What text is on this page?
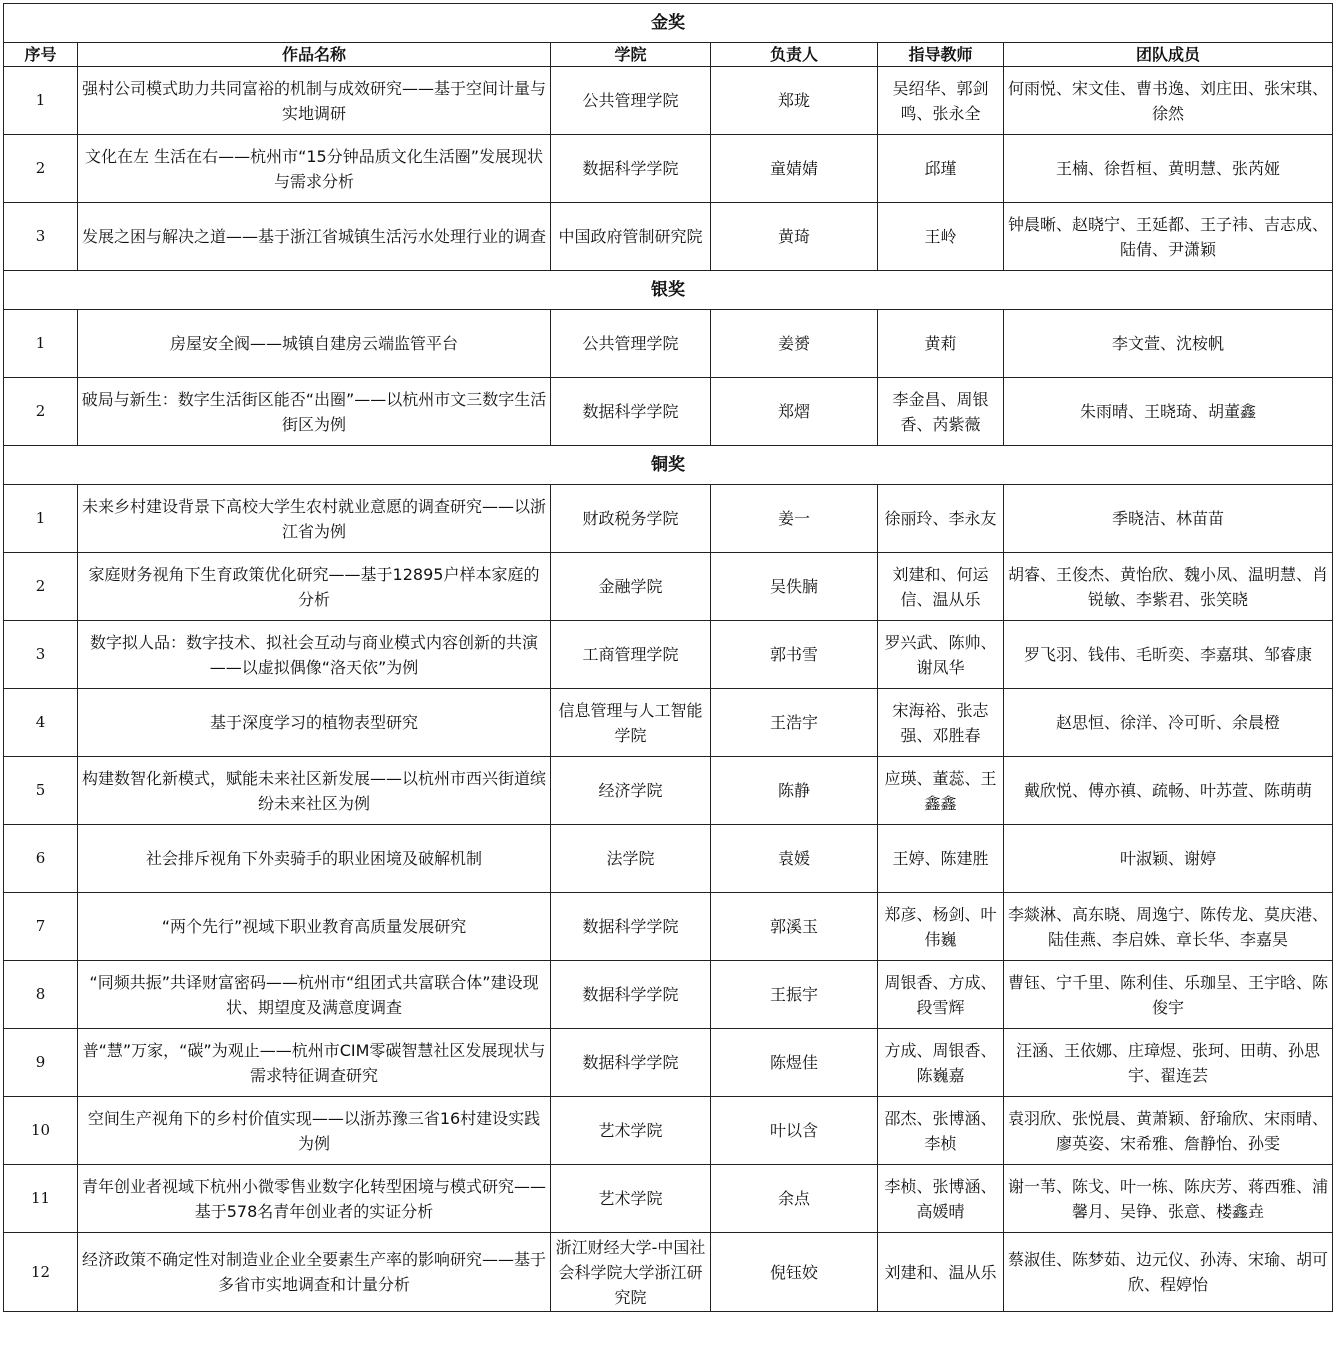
金奖					
序号	作品名称	学院	负责人	指导教师	团队成员
1	强村公司模式助力共同富裕的机制与成效研究——基于空间计量与实地调研	公共管理学院	郑珑	吴绍华、郭剑鸣、张永全	何雨悦、宋文佳、曹书逸、刘庄田、张宋琪、徐然
2	文化在左 生活在右——杭州市“15分钟品质文化生活圈”发展现状与需求分析	数据科学学院	童婧婧	邱瑾	王楠、徐哲桓、黄明慧、张芮娅
3	发展之困与解决之道——基于浙江省城镇生活污水处理行业的调查	中国政府管制研究院	黄琦	王岭	钟晨晰、赵晓宁、王延都、王子祎、吉志成、陆倩、尹潇颖
银奖					
1	房屋安全阀——城镇自建房云端监管平台	公共管理学院	姜赟	黄莉	李文萱、沈桉帆
2	破局与新生：数字生活街区能否“出圈”——以杭州市文三数字生活街区为例	数据科学学院	郑熠	李金昌、周银香、芮紫薇	朱雨晴、王晓琦、胡董鑫
铜奖					
1	未来乡村建设背景下高校大学生农村就业意愿的调查研究——以浙江省为例	财政税务学院	姜一	徐丽玲、李永友	季晓洁、林苗苗
2	家庭财务视角下生育政策优化研究——基于12895户样本家庭的分析	金融学院	吴佚腩	刘建和、何运信、温从乐	胡睿、王俊杰、黄怡欣、魏小凤、温明慧、肖锐敏、李紫君、张笑晓
3	数字拟人品：数字技术、拟社会互动与商业模式内容创新的共演——以虚拟偶像“洛天依”为例	工商管理学院	郭书雪	罗兴武、陈帅、谢凤华	罗飞羽、钱伟、毛昕奕、李嘉琪、邹睿康
4	基于深度学习的植物表型研究	信息管理与人工智能学院	王浩宇	宋海裕、张志强、邓胜春	赵思恒、徐洋、冷可昕、余晨橙
5	构建数智化新模式，赋能未来社区新发展——以杭州市西兴街道缤纷未来社区为例	经济学院	陈静	应瑛、董蕊、王鑫鑫	戴欣悦、傅亦禛、疏畅、叶苏萱、陈萌萌
6	社会排斥视角下外卖骑手的职业困境及破解机制	法学院	袁媛	王婷、陈建胜	叶淑颖、谢婷
7	“两个先行”视域下职业教育高质量发展研究	数据科学学院	郭溪玉	郑彦、杨剑、叶伟巍	李燚淋、高东晓、周逸宁、陈传龙、莫庆港、陆佳燕、李启姝、章长华、李嘉昊
8	“同频共振”共译财富密码——杭州市“组团式共富联合体”建设现状、期望度及满意度调查	数据科学学院	王振宇	周银香、方成、段雪辉	曹钰、宁千里、陈利佳、乐珈呈、王宇晗、陈俊宇
9	普“慧”万家，“碳”为观止——杭州市CIM零碳智慧社区发展现状与需求特征调查研究	数据科学学院	陈煜佳	方成、周银香、陈巍嘉	汪涵、王依娜、庄璋煜、张珂、田萌、孙思宇、翟连芸
10	空间生产视角下的乡村价值实现——以浙苏豫三省16村建设实践为例	艺术学院	叶以含	邵杰、张博涵、李桢	袁羽欣、张悦晨、黄萧颖、舒瑜欣、宋雨晴、廖英姿、宋希雅、詹静怡、孙雯
11	青年创业者视域下杭州小微零售业数字化转型困境与模式研究——基于578名青年创业者的实证分析	艺术学院	余点	李桢、张博涵、高媛晴	谢一苇、陈戈、叶一栋、陈庆芳、蒋西雅、浦馨月、吴铮、张意、楼鑫垚
12	经济政策不确定性对制造业企业全要素生产率的影响研究——基于多省市实地调查和计量分析	浙江财经大学-中国社会科学院大学浙江研究院	倪钰姣	刘建和、温从乐	蔡淑佳、陈梦茹、边元仪、孙涛、宋瑜、胡可欣、程婷怡
